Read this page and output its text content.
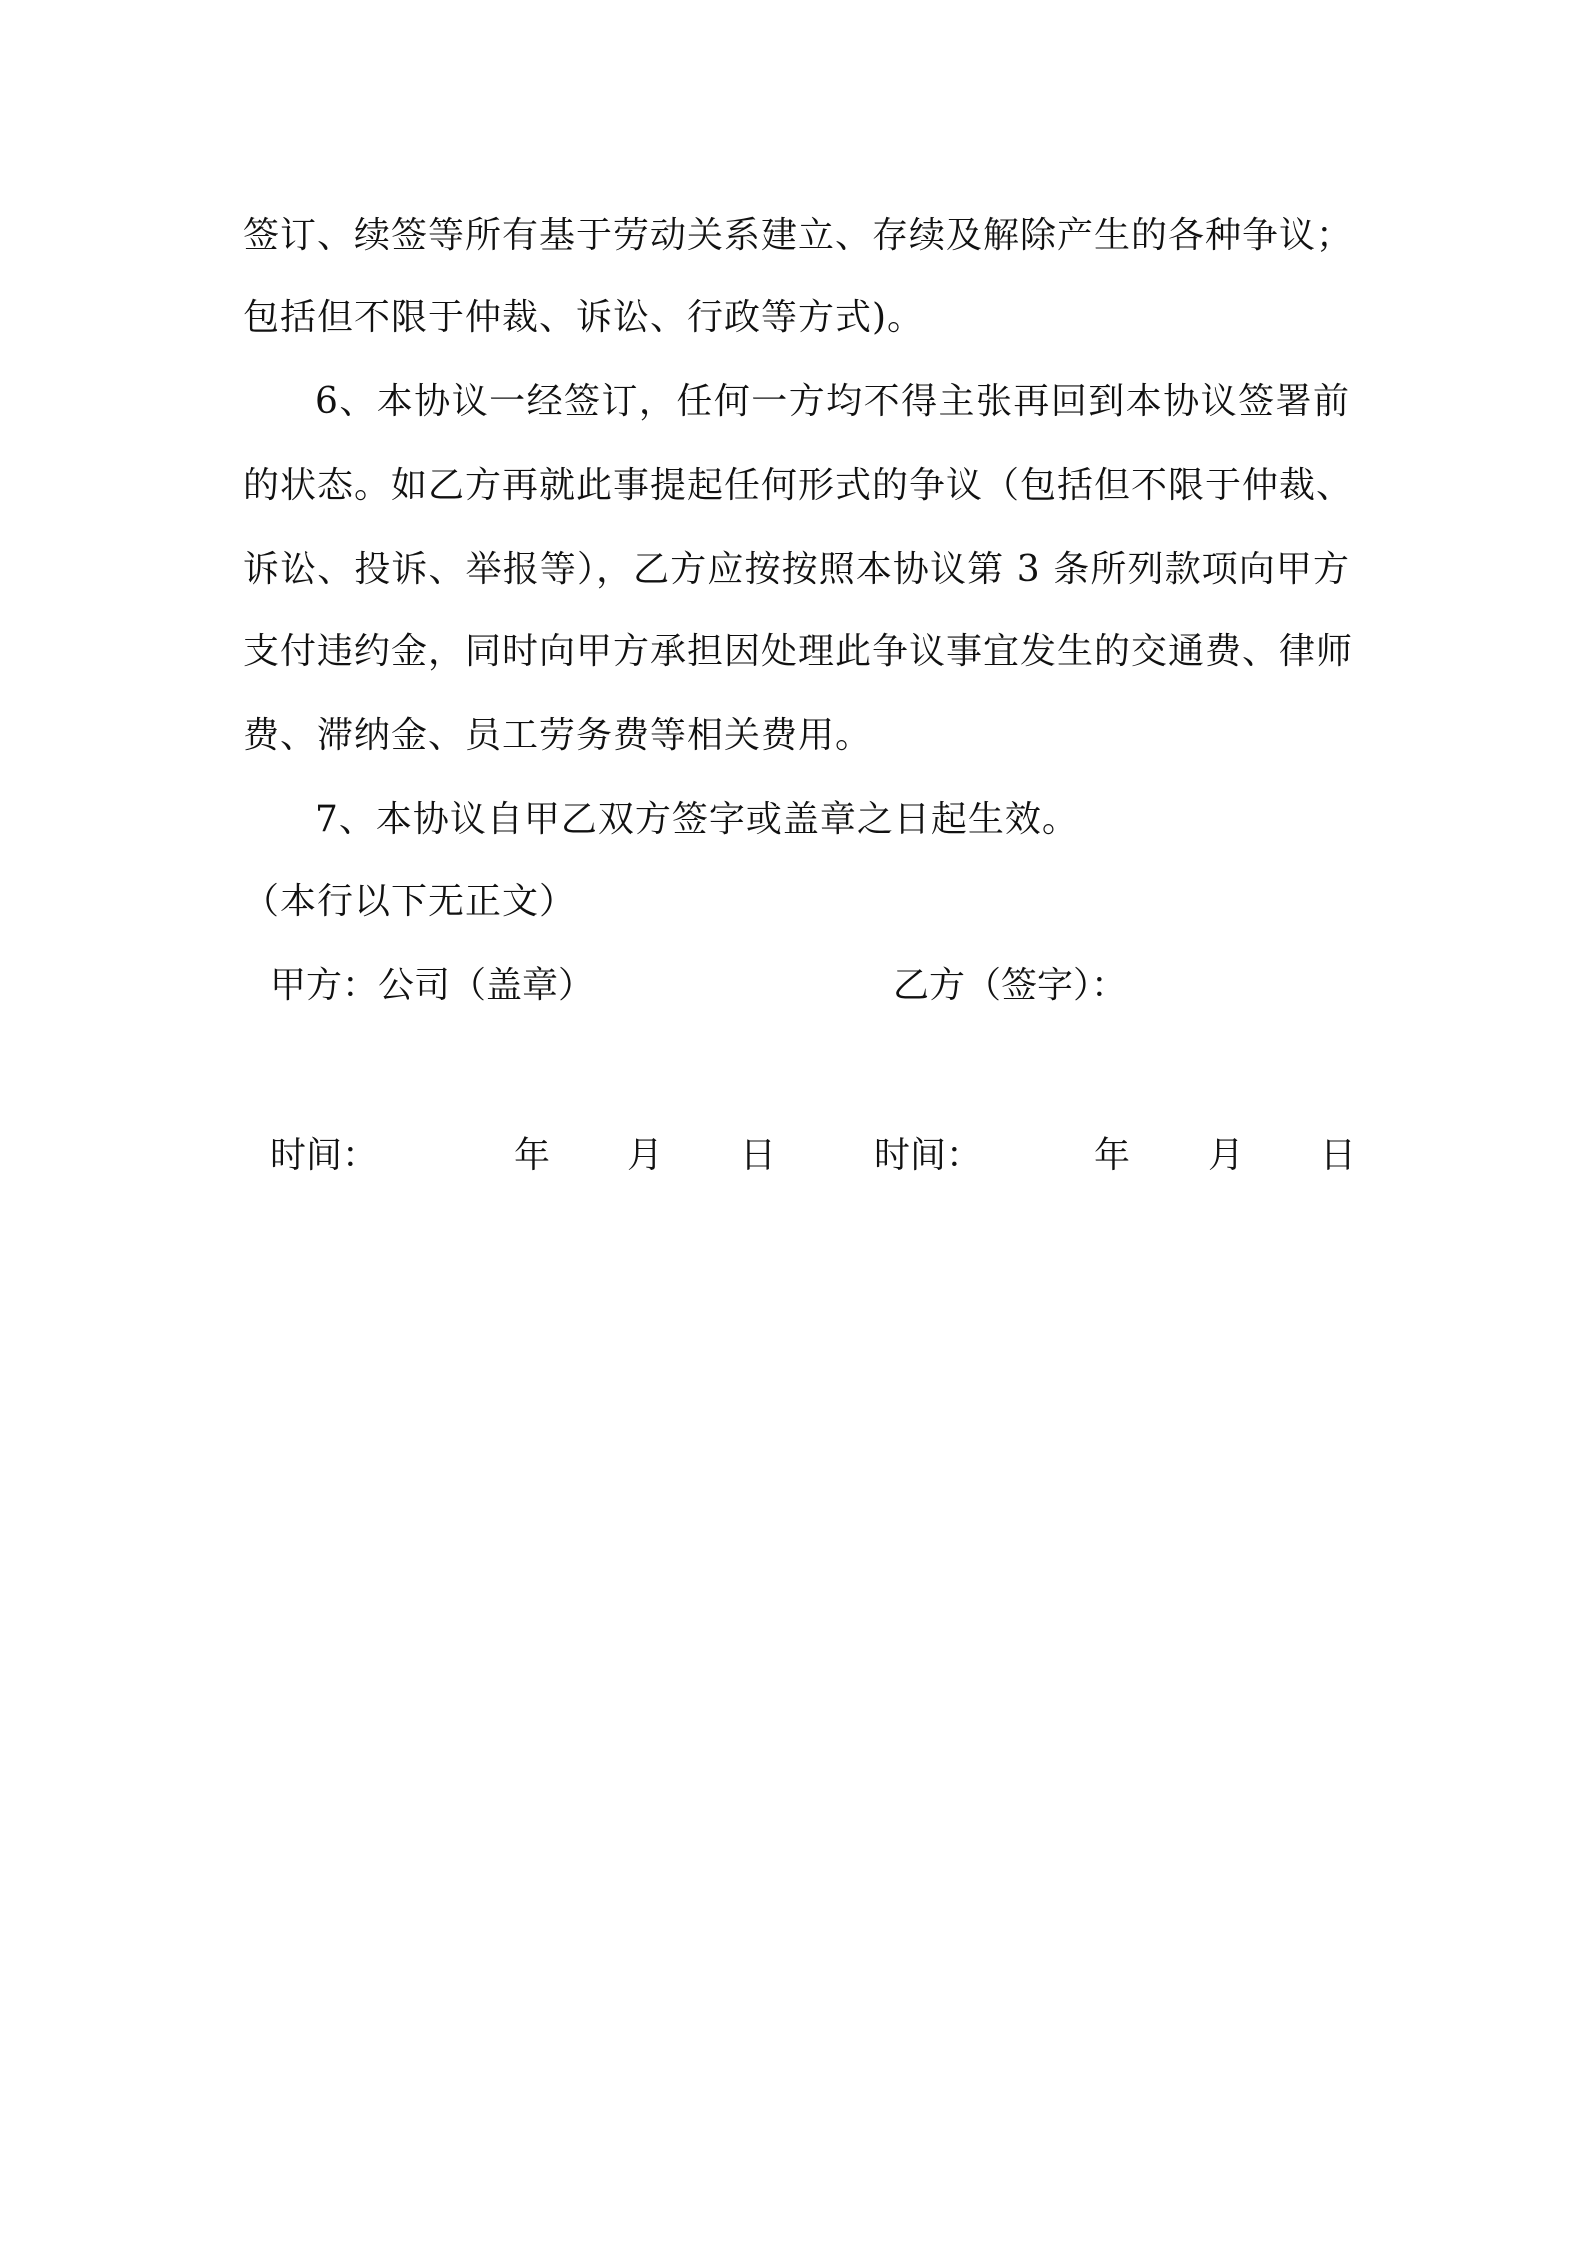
签订、续签等所有基于劳动关系建立、存续及解除产生的各种争议；
包括但不限于仲裁、诉讼、行政等方式)。
6、本协议一经签订，任何一方均不得主张再回到本协议签署前
的状态。如乙方再就此事提起任何形式的争议（包括但不限于仲裁、
诉讼、投诉、举报等），乙方应按按照本协议第 3 条所列款项向甲方
支付违约金，同时向甲方承担因处理此争议事宜发生的交通费、律师
费、滞纳金、员工劳务费等相关费用。
7、本协议自甲乙双方签字或盖章之日起生效。
（本行以下无正文）
甲方：公司（盖章）	乙方（签字）：
时间：	年 月 日	时间：	年 月 日
